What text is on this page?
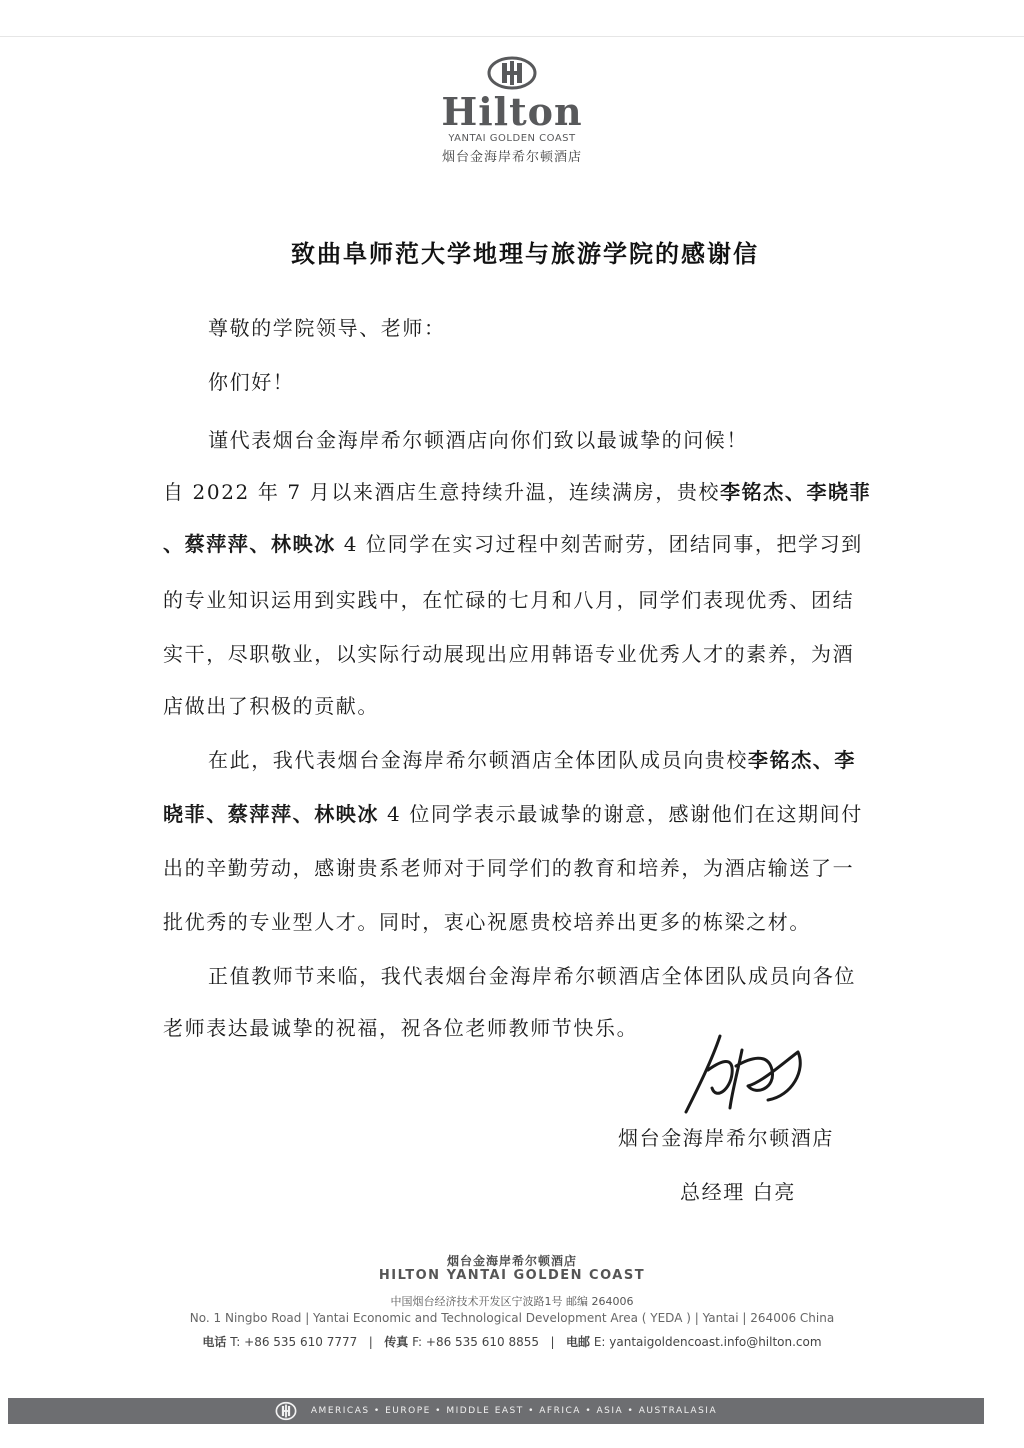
Hilton
YANTAI GOLDEN COAST
烟台金海岸希尔顿酒店
致曲阜师范大学地理与旅游学院的感谢信
尊敬的学院领导、老师：
你们好！
谨代表烟台金海岸希尔顿酒店向你们致以最诚挚的问候！
自 2022 年 7 月以来酒店生意持续升温，连续满房，贵校李铭杰、李晓菲
、蔡萍萍、林映冰 4 位同学在实习过程中刻苦耐劳，团结同事，把学习到
的专业知识运用到实践中，在忙碌的七月和八月，同学们表现优秀、团结
实干，尽职敬业，以实际行动展现出应用韩语专业优秀人才的素养，为酒
店做出了积极的贡献。
在此，我代表烟台金海岸希尔顿酒店全体团队成员向贵校李铭杰、李
晓菲、蔡萍萍、林映冰 4 位同学表示最诚挚的谢意，感谢他们在这期间付
出的辛勤劳动，感谢贵系老师对于同学们的教育和培养，为酒店输送了一
批优秀的专业型人才。同时，衷心祝愿贵校培养出更多的栋梁之材。
正值教师节来临，我代表烟台金海岸希尔顿酒店全体团队成员向各位
老师表达最诚挚的祝福，祝各位老师教师节快乐。
烟台金海岸希尔顿酒店
总经理 白亮
烟台金海岸希尔顿酒店
HILTON YANTAI GOLDEN COAST
中国烟台经济技术开发区宁波路1号 邮编 264006
No. 1 Ningbo Road | Yantai Economic and Technological Development Area ( YEDA ) | Yantai | 264006 China
电话 T: +86 535 610 7777   |   传真 F: +86 535 610 8855   |   电邮 E: yantaigoldencoast.info@hilton.com
AMERICAS • EUROPE • MIDDLE EAST • AFRICA • ASIA • AUSTRALASIA
